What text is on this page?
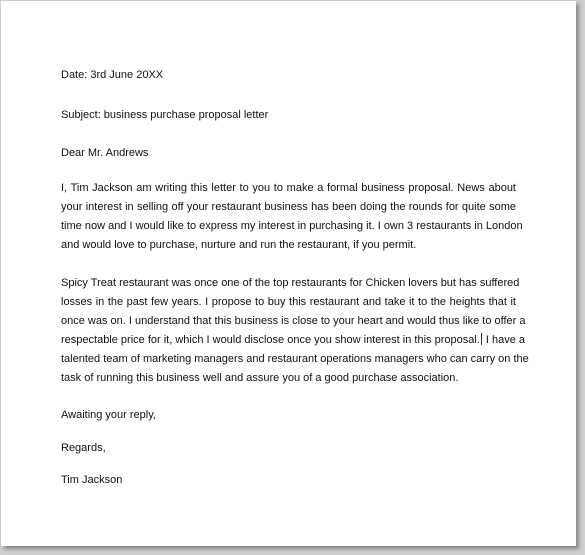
Date: 3rd June 20XX
Subject: business purchase proposal letter
Dear Mr. Andrews
I, Tim Jackson am writing this letter to you to make a formal business proposal. News about
your interest in selling off your restaurant business has been doing the rounds for quite some
time now and I would like to express my interest in purchasing it. I own 3 restaurants in London
and would love to purchase, nurture and run the restaurant, if you permit.
Spicy Treat restaurant was once one of the top restaurants for Chicken lovers but has suffered
losses in the past few years. I propose to buy this restaurant and take it to the heights that it
once was on. I understand that this business is close to your heart and would thus like to offer a
respectable price for it, which I would disclose once you show interest in this proposal. I have a
talented team of marketing managers and restaurant operations managers who can carry on the
task of running this business well and assure you of a good purchase association.
Awaiting your reply,
Regards,
Tim Jackson
